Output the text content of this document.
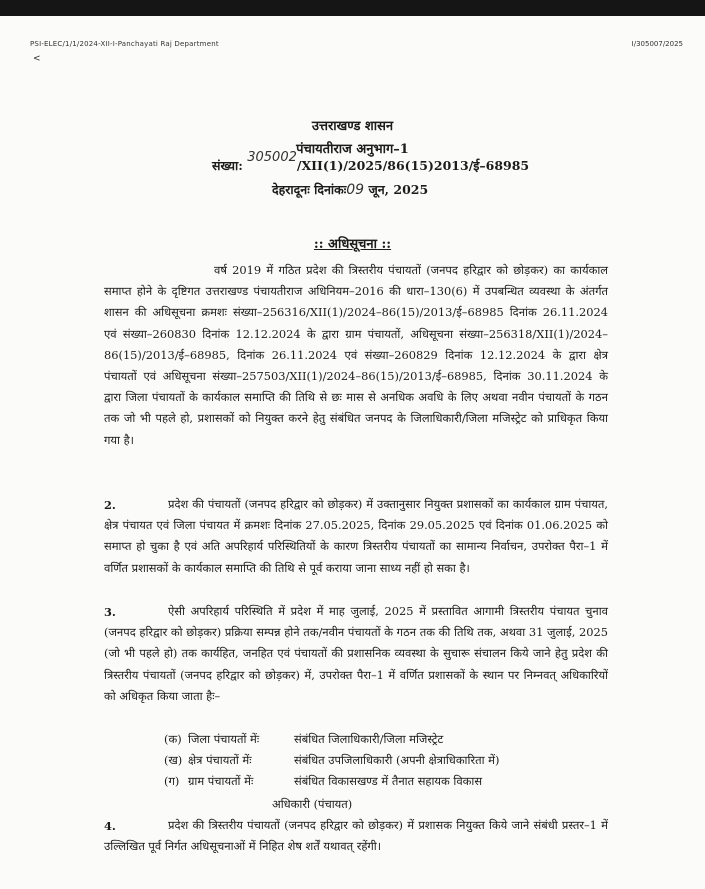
PSI-ELEC/1/1/2024-XII-I-Panchayati Raj Department	I/305007/2025
<
उत्तराखण्ड शासन
पंचायतीराज अनुभाग–1
संख्या: 305002/XII(1)/2025/86(15)2013/ई–68985
देहरादूनः दिनांकः09 जून, 2025
:: अधिसूचना ::
वर्ष 2019 में गठित प्रदेश की त्रिस्तरीय पंचायतों (जनपद हरिद्वार को छोड़कर) का कार्यकाल समाप्त होने के दृष्टिगत उत्तराखण्ड पंचायतीराज अधिनियम–2016 की धारा–130(6) में उपबन्धित व्यवस्था के अंतर्गत शासन की अधिसूचना क्रमशः संख्या–256316/XII(1)/2024–86(15)/2013/ई–68985 दिनांक 26.11.2024 एवं संख्या–260830 दिनांक 12.12.2024 के द्वारा ग्राम पंचायतों, अधिसूचना संख्या–256318/XII(1)/2024–86(15)/2013/ई–68985, दिनांक 26.11.2024 एवं संख्या–260829 दिनांक 12.12.2024 के द्वारा क्षेत्र पंचायतों एवं अधिसूचना संख्या–257503/XII(1)/2024–86(15)/2013/ई–68985, दिनांक 30.11.2024 के द्वारा जिला पंचायतों के कार्यकाल समाप्ति की तिथि से छः मास से अनधिक अवधि के लिए अथवा नवीन पंचायतों के गठन तक जो भी पहले हो, प्रशासकों को नियुक्त करने हेतु संबंधित जनपद के जिलाधिकारी/जिला मजिस्ट्रेट को प्राधिकृत किया गया है।
2.	प्रदेश की पंचायतों (जनपद हरिद्वार को छोड़कर) में उक्तानुसार नियुक्त प्रशासकों का कार्यकाल ग्राम पंचायत, क्षेत्र पंचायत एवं जिला पंचायत में क्रमशः दिनांक 27.05.2025, दिनांक 29.05.2025 एवं दिनांक 01.06.2025 को समाप्त हो चुका है एवं अति अपरिहार्य परिस्थितियों के कारण त्रिस्तरीय पंचायतों का सामान्य निर्वाचन, उपरोक्त पैरा–1 में वर्णित प्रशासकों के कार्यकाल समाप्ति की तिथि से पूर्व कराया जाना साध्य नहीं हो सका है।
3.	ऐसी अपरिहार्य परिस्थिति में प्रदेश में माह जुलाई, 2025 में प्रस्तावित आगामी त्रिस्तरीय पंचायत चुनाव (जनपद हरिद्वार को छोड़कर) प्रक्रिया सम्पन्न होने तक/नवीन पंचायतों के गठन तक की तिथि तक, अथवा 31 जुलाई, 2025 (जो भी पहले हो) तक कार्यहित, जनहित एवं पंचायतों की प्रशासनिक व्यवस्था के सुचारू संचालन किये जाने हेतु प्रदेश की त्रिस्तरीय पंचायतों (जनपद हरिद्वार को छोड़कर) में, उपरोक्त पैरा–1 में वर्णित प्रशासकों के स्थान पर निम्नवत् अधिकारियों को अधिकृत किया जाता हैः–
(क) जिला पंचायतों मेंः	संबंधित जिलाधिकारी/जिला मजिस्ट्रेट
(ख) क्षेत्र पंचायतों मेंः	संबंधित उपजिलाधिकारी (अपनी क्षेत्राधिकारिता में)
(ग) ग्राम पंचायतों मेंः	संबंधित विकासखण्ड में तैनात सहायक विकास
अधिकारी (पंचायत)
4.	प्रदेश की त्रिस्तरीय पंचायतों (जनपद हरिद्वार को छोड़कर) में प्रशासक नियुक्त किये जाने संबंधी प्रस्तर–1 में उल्लिखित पूर्व निर्गत अधिसूचनाओं में निहित शेष शर्तें यथावत् रहेंगी।
